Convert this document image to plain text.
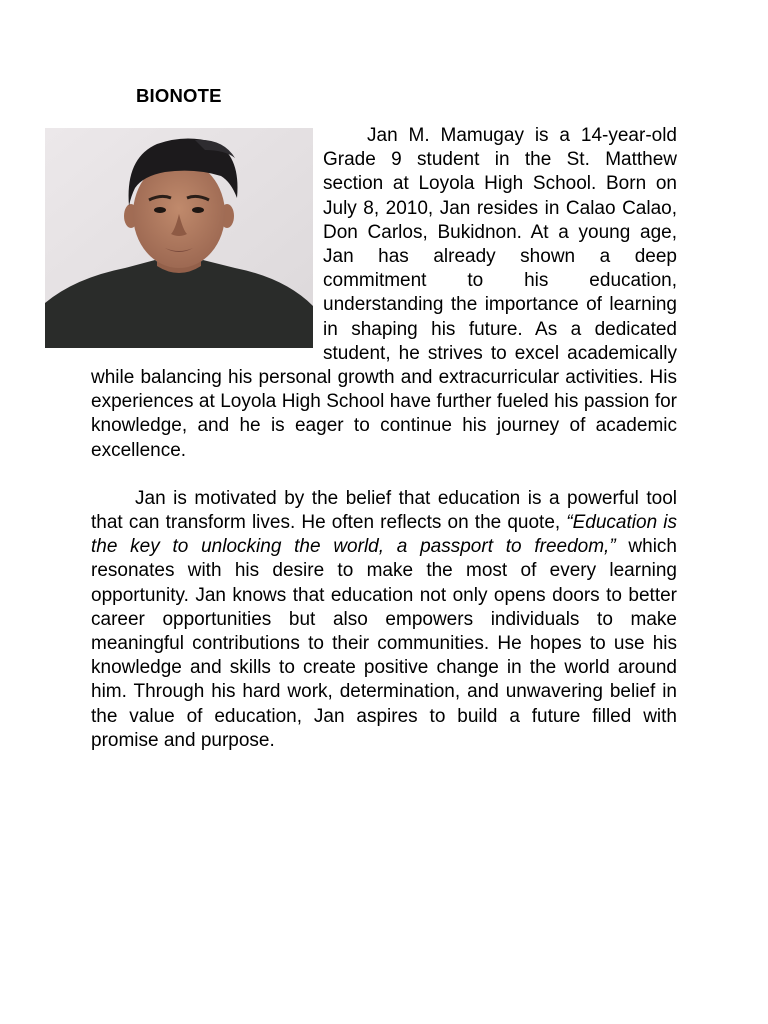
BIONOTE

Jan M. Mamugay is a 14-year-old Grade 9 student in the St. Matthew section at Loyola High School. Born on July 8, 2010, Jan resides in Calao Calao, Don Carlos, Bukidnon. At a young age, Jan has already shown a deep commitment to his education, understanding the importance of learning in shaping his future. As a dedicated student, he strives to excel academically while balancing his personal growth and extracurricular activities. His experiences at Loyola High School have further fueled his passion for knowledge, and he is eager to continue his journey of academic excellence.

Jan is motivated by the belief that education is a powerful tool that can transform lives. He often reflects on the quote, “Education is the key to unlocking the world, a passport to freedom,” which resonates with his desire to make the most of every learning opportunity. Jan knows that education not only opens doors to better career opportunities but also empowers individuals to make meaningful contributions to their communities. He hopes to use his knowledge and skills to create positive change in the world around him. Through his hard work, determination, and unwavering belief in the value of education, Jan aspires to build a future filled with promise and purpose.
